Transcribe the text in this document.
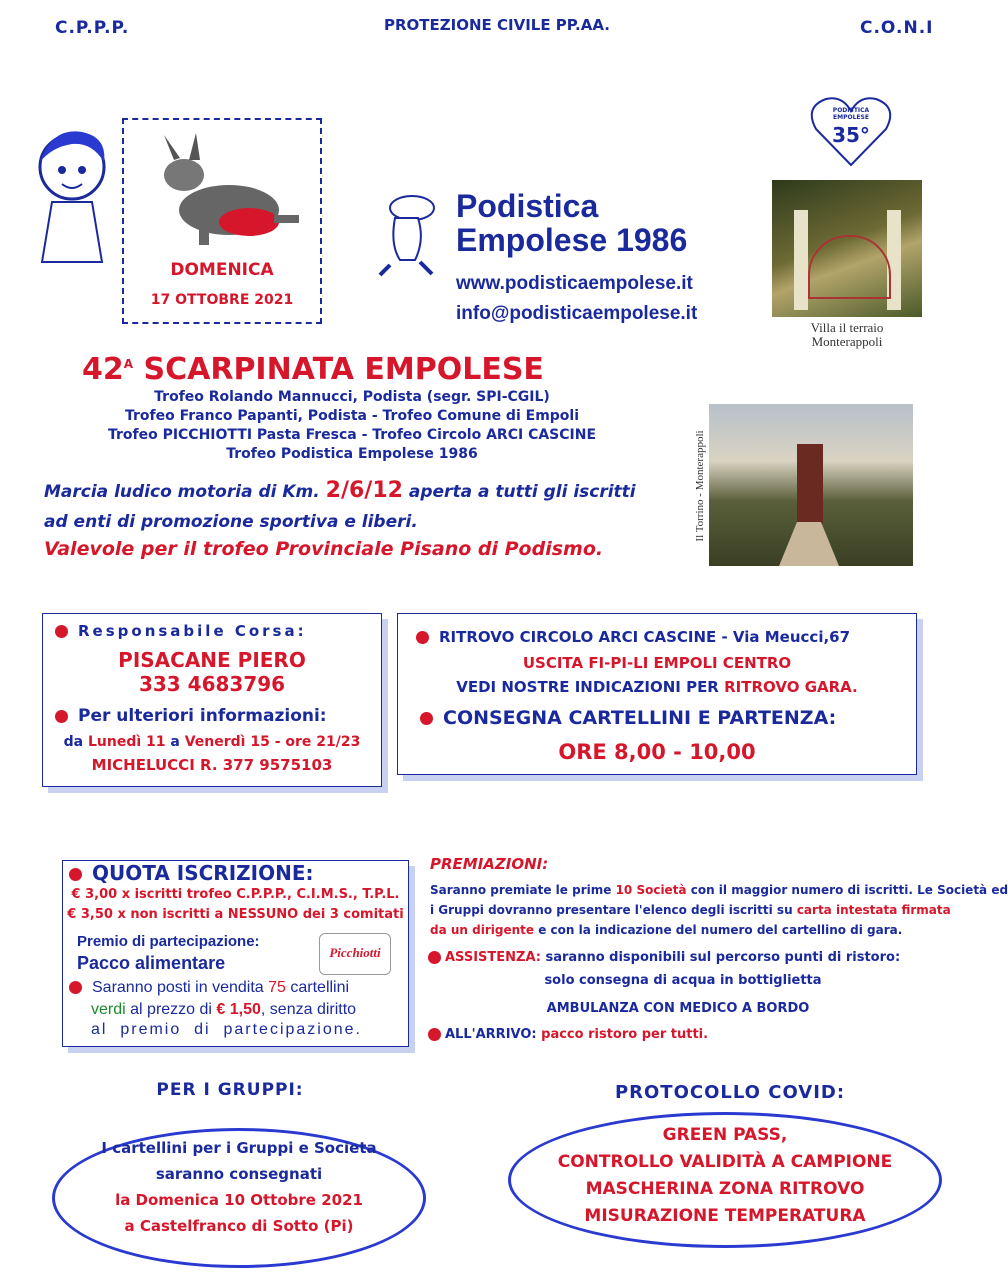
C.P.P.P.	PROTEZIONE CIVILE PP.AA.	C.O.N.I
DOMENICA
17 OTTOBRE 2021
Podistica
Empolese 1986
www.podisticaempolese.it
info@podisticaempolese.it
PODISTICA EMPOLESE
35°
Villa il terraio
Monterappoli
$42^A$ SCARPINATA EMPOLESE
Trofeo Rolando Mannucci, Podista (segr. SPI-CGIL)
Trofeo Franco Papanti, Podista - Trofeo Comune di Empoli
Trofeo PICCHIOTTI Pasta Fresca - Trofeo Circolo ARCI CASCINE
Trofeo Podistica Empolese 1986
Marcia ludico motoria di Km. 2/6/12 aperta a tutti gli iscritti
ad enti di promozione sportiva e liberi.
Valevole per il trofeo Provinciale Pisano di Podismo.
Il Torrino - Monterappoli
Responsabile Corsa:
PISACANE PIERO
333 4683796
Per ulteriori informazioni:
da Lunedì 11 a Venerdì 15 - ore 21/23
MICHELUCCI R. 377 9575103
RITROVO CIRCOLO ARCI CASCINE - Via Meucci,67
USCITA FI-PI-LI EMPOLI CENTRO
VEDI NOSTRE INDICAZIONI PER RITROVO GARA.
CONSEGNA CARTELLINI E PARTENZA:
ORE 8,00 - 10,00
QUOTA ISCRIZIONE:
€ 3,00 x iscritti trofeo C.P.P.P., C.I.M.S., T.P.L.
€ 3,50 x non iscritti a NESSUNO dei 3 comitati
Premio di partecipazione:
Pacco alimentare
Picchiotti
Saranno posti in vendita 75 cartellini
verdi al prezzo di € 1,50, senza diritto
al  premio  di  partecipazione.
PREMIAZIONI:
Saranno premiate le prime 10 Società con il maggior numero di iscritti. Le Società ed
i Gruppi dovranno presentare l'elenco degli iscritti su carta intestata firmata
da un dirigente e con la indicazione del numero del cartellino di gara.
ASSISTENZA: saranno disponibili sul percorso punti di ristoro:
solo consegna di acqua in bottiglietta
AMBULANZA CON MEDICO A BORDO
ALL'ARRIVO: pacco ristoro per tutti.
PER I GRUPPI:
I cartellini per i Gruppi e Societa
saranno consegnati
la Domenica 10 Ottobre 2021
a Castelfranco di Sotto (Pi)
PROTOCOLLO COVID:
GREEN PASS,
CONTROLLO VALIDITÀ A CAMPIONE
MASCHERINA ZONA RITROVO
MISURAZIONE TEMPERATURA
